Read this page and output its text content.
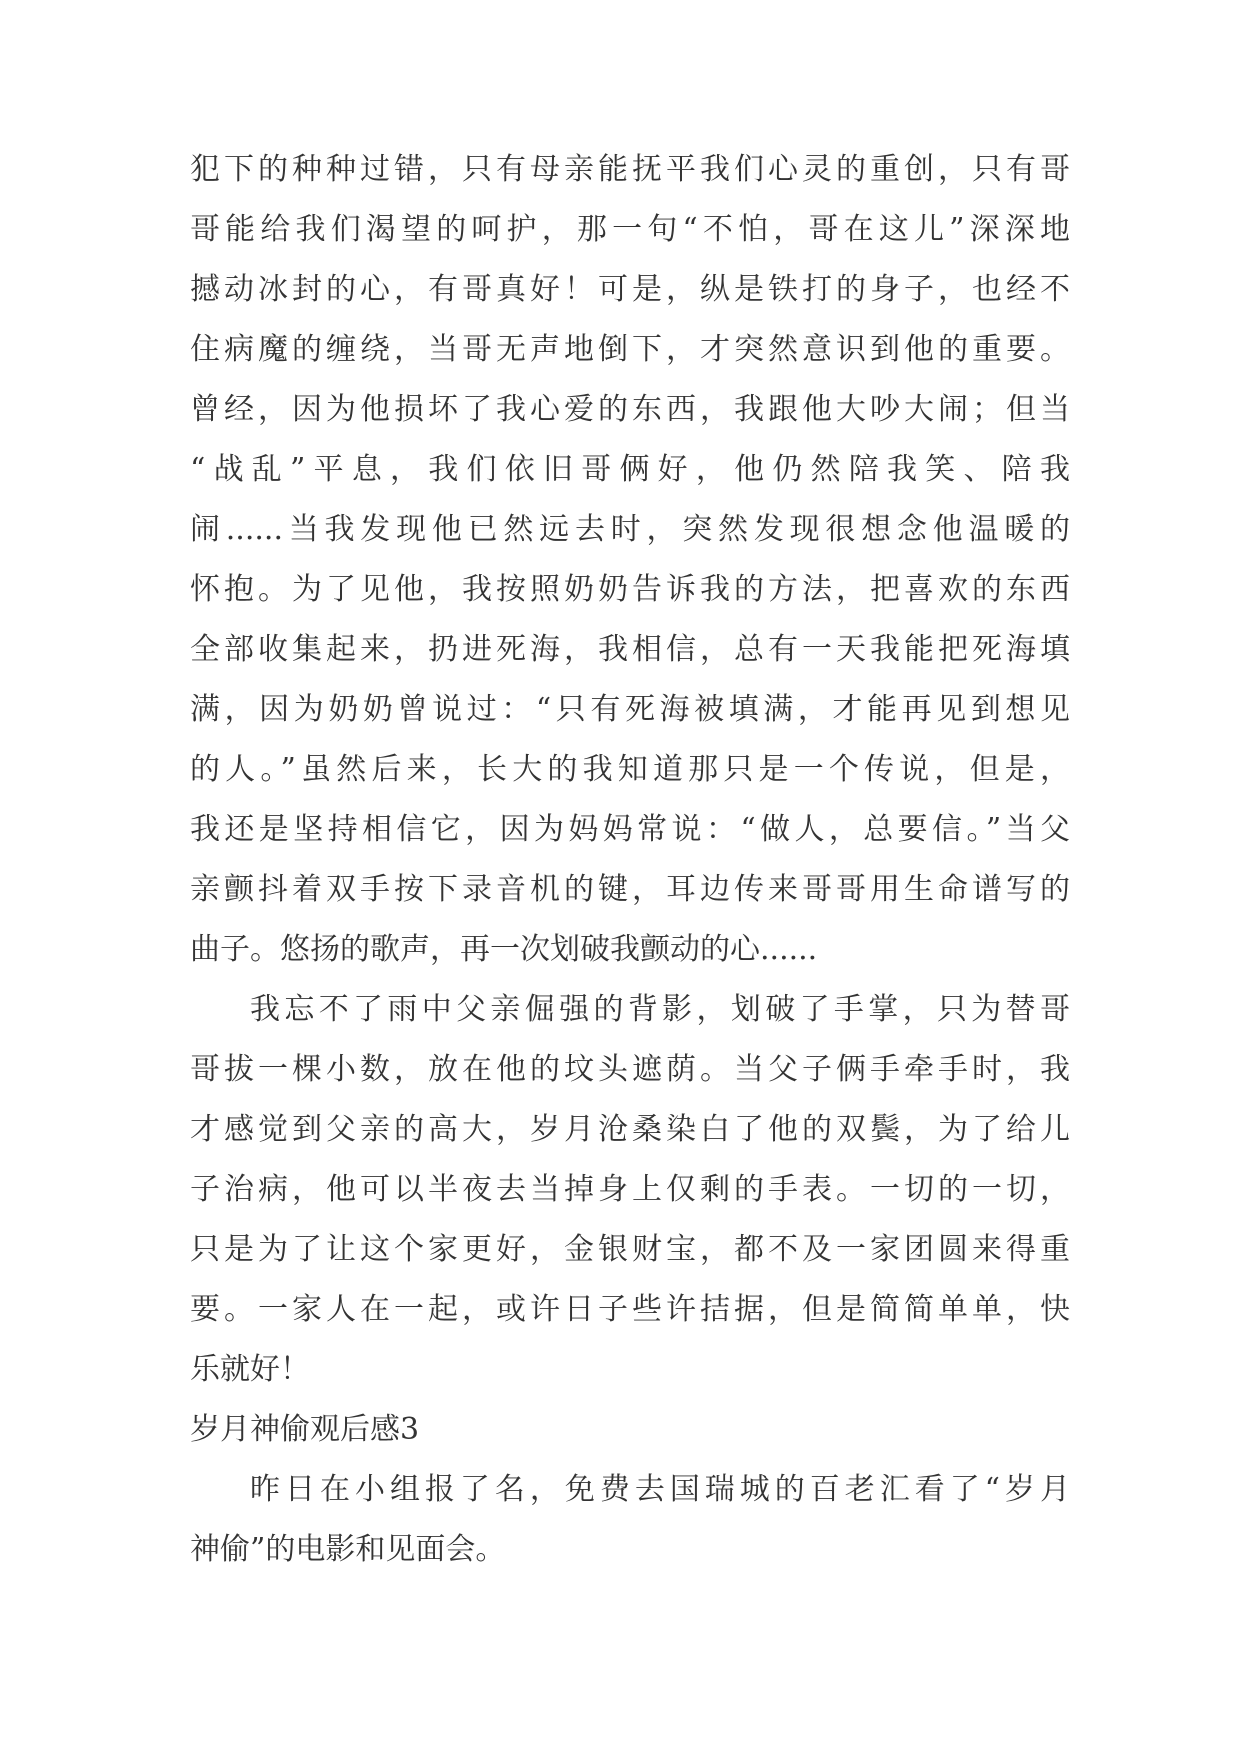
犯下的种种过错，只有母亲能抚平我们心灵的重创，只有哥
哥能给我们渴望的呵护，那一句“不怕，哥在这儿”深深地
撼动冰封的心，有哥真好！可是，纵是铁打的身子，也经不
住病魔的缠绕，当哥无声地倒下，才突然意识到他的重要。
曾经，因为他损坏了我心爱的东西，我跟他大吵大闹；但当
“战乱”平息，我们依旧哥俩好，他仍然陪我笑、陪我
闹......当我发现他已然远去时，突然发现很想念他温暖的
怀抱。为了见他，我按照奶奶告诉我的方法，把喜欢的东西
全部收集起来，扔进死海，我相信，总有一天我能把死海填
满，因为奶奶曾说过：“只有死海被填满，才能再见到想见
的人。”虽然后来，长大的我知道那只是一个传说，但是，
我还是坚持相信它，因为妈妈常说：“做人，总要信。”当父
亲颤抖着双手按下录音机的键，耳边传来哥哥用生命谱写的
曲子。悠扬的歌声，再一次划破我颤动的心......
我忘不了雨中父亲倔强的背影，划破了手掌，只为替哥
哥拔一棵小数，放在他的坟头遮荫。当父子俩手牵手时，我
才感觉到父亲的高大，岁月沧桑染白了他的双鬓，为了给儿
子治病，他可以半夜去当掉身上仅剩的手表。一切的一切，
只是为了让这个家更好，金银财宝，都不及一家团圆来得重
要。一家人在一起，或许日子些许拮据，但是简简单单，快
乐就好！
岁月神偷观后感3
昨日在小组报了名，免费去国瑞城的百老汇看了“岁月
神偷”的电影和见面会。
